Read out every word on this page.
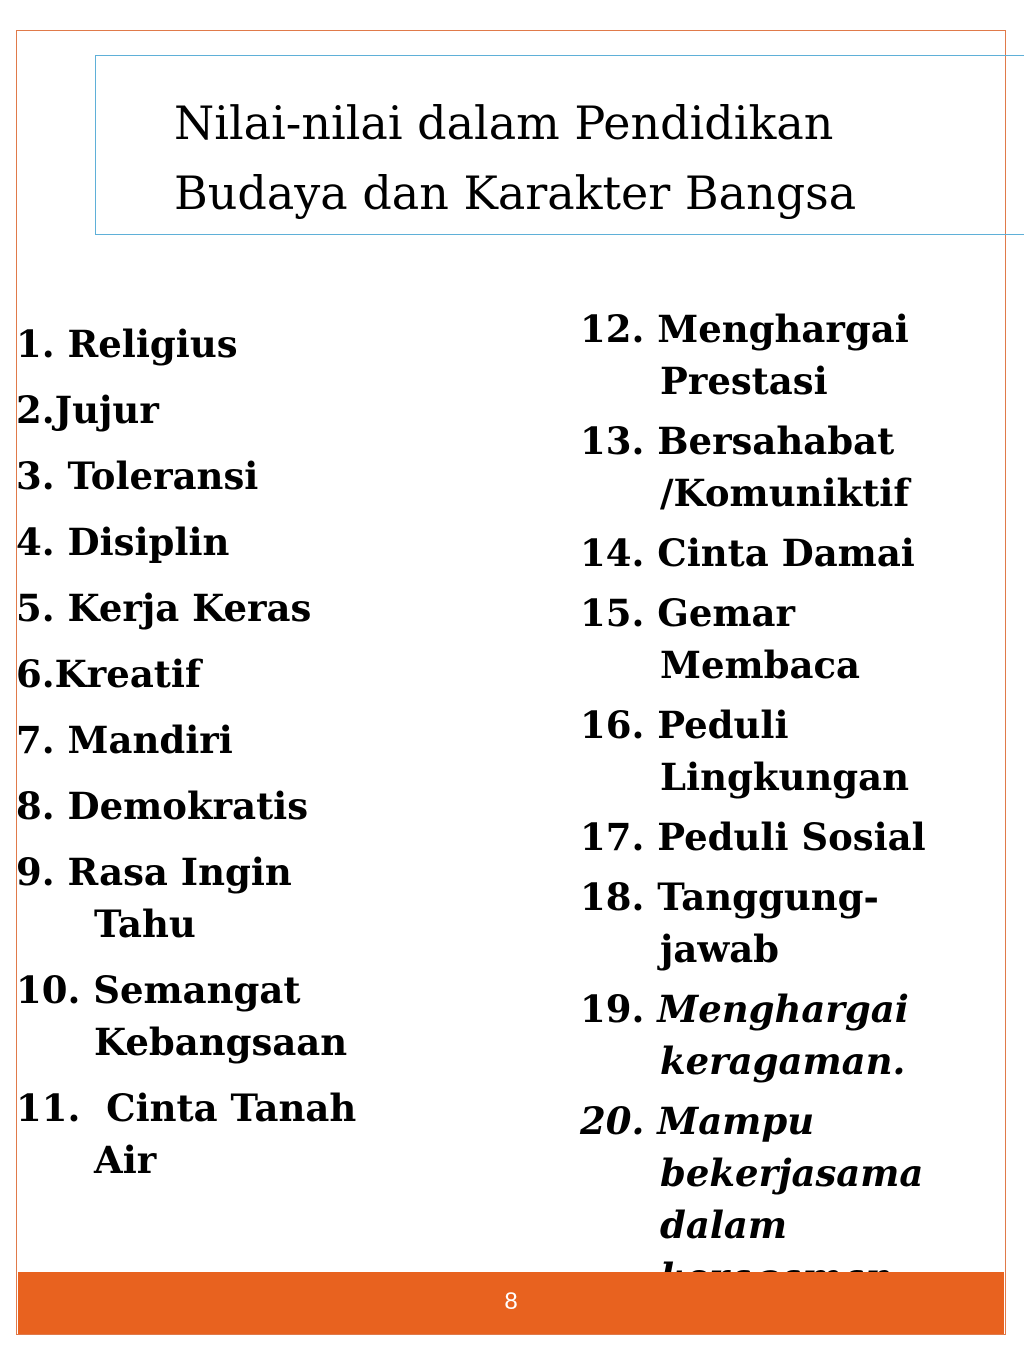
Nilai-nilai dalam Pendidikan
Budaya dan Karakter Bangsa
1. Religius
2.Jujur
3. Toleransi
4. Disiplin
5. Kerja Keras
6.Kreatif
7. Mandiri
8. Demokratis
9. Rasa Ingin
Tahu
10. Semangat
Kebangsaan
11.  Cinta Tanah
Air
12. Menghargai
Prestasi
13. Bersahabat
/Komuniktif
14. Cinta Damai
15. Gemar
Membaca
16. Peduli
Lingkungan
17. Peduli Sosial
18. Tanggung-
jawab
19. Menghargai
keragaman.
20. Mampu
bekerjasama
dalam
8
